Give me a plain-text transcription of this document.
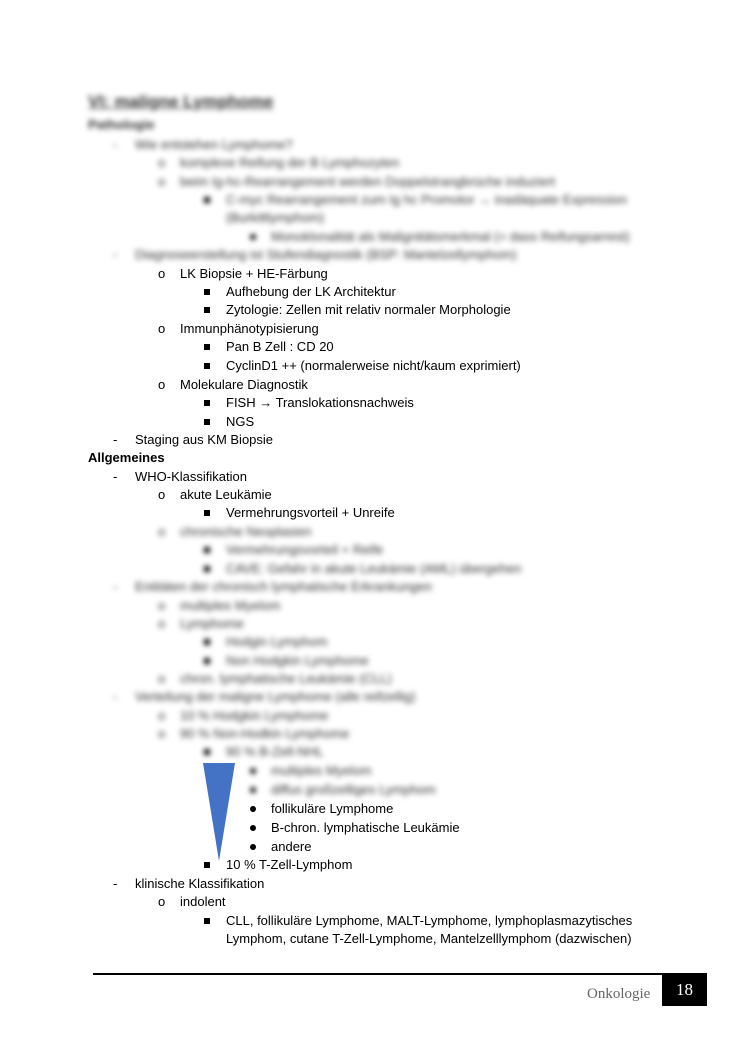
VI: maligne Lymphome
Pathologie
- Wie entstehen Lymphome?
o komplexe Reifung der B Lymphozyten
o beim Ig-hc-Rearrangement werden Doppelstrangbrüche induziert
C-myc Rearrangement zum Ig hc Promotor → inadäquate Expression
(Burkittlymphom)
Monoklonalität als Malignitätsmerkmal (= dass Reifungsarrest)
- Diagnoseerstellung ist Stufendiagnostik (BSP: Mantelzellymphom)
o LK Biopsie + HE-Färbung
Aufhebung der LK Architektur
Zytologie: Zellen mit relativ normaler Morphologie
o Immunphänotypisierung
Pan B Zell : CD 20
CyclinD1 ++ (normalerweise nicht/kaum exprimiert)
o Molekulare Diagnostik
FISH → Translokationsnachweis
NGS
- Staging aus KM Biopsie
Allgemeines
- WHO-Klassifikation
o akute Leukämie
Vermehrungsvorteil + Unreife
o chronische Neoplasien
Vermehrungsvorteil + Reife
CAVE: Gefahr in akute Leukämie (AML) übergehen
- Entitäten der chronisch lymphatische Erkrankungen
o multiples Myelom
o Lymphome
Hodgin Lymphom
Non Hodgkin Lymphome
o chron. lymphatische Leukämie (CLL)
- Verteilung der maligne Lymphome (alle reifzellig)
o 10 % Hodgkin Lymphome
o 90 % Non-Hodkin Lymphome
90 % B-Zell-NHL
multiples Myelom
diffus großzelliges Lymphom
follikuläre Lymphome
B-chron. lymphatische Leukämie
andere
10 % T-Zell-Lymphom
- klinische Klassifikation
o indolent
CLL, follikuläre Lymphome, MALT-Lymphome, lymphoplasmazytisches
Lymphom, cutane T-Zell-Lymphome, Mantelzelllymphom (dazwischen)
Onkologie	18
